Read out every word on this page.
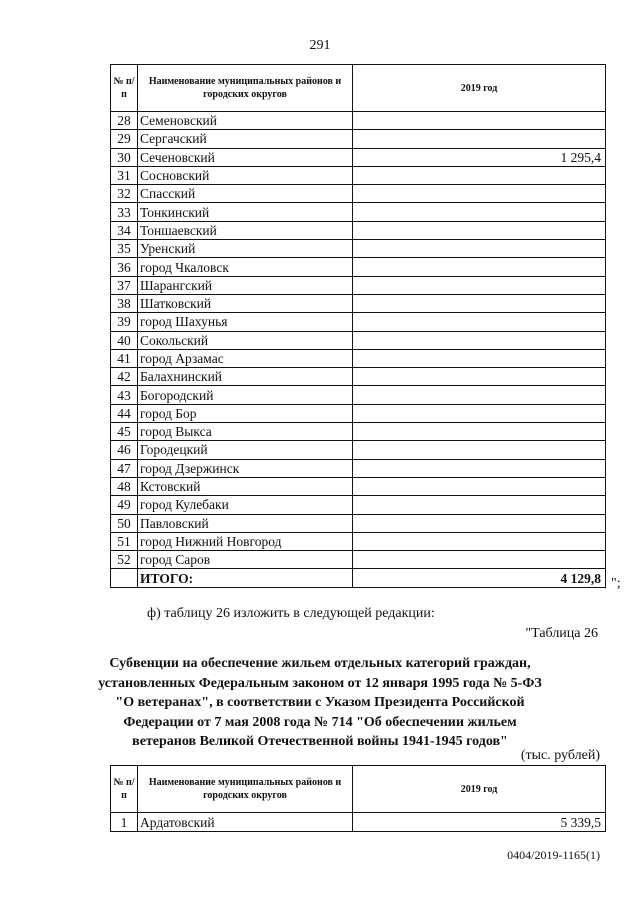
291
№ п/п	Наименование муниципальных районов и городских округов	2019 год
28	Семеновский	
29	Сергачский	
30	Сеченовский	1 295,4
31	Сосновский	
32	Спасский	
33	Тонкинский	
34	Тоншаевский	
35	Уренский	
36	город Чкаловск	
37	Шарангский	
38	Шатковский	
39	город Шахунья	
40	Сокольский	
41	город Арзамас	
42	Балахнинский	
43	Богородский	
44	город Бор	
45	город Выкса	
46	Городецкий	
47	город Дзержинск	
48	Кстовский	
49	город Кулебаки	
50	Павловский	
51	город Нижний Новгород	
52	город Саров	
	ИТОГО:	4 129,8 ";
ф) таблицу 26 изложить в следующей редакции:
"Таблица 26
Субвенции на обеспечение жильем отдельных категорий граждан,
установленных Федеральным законом от 12 января 1995 года № 5-ФЗ
"О ветеранах", в соответствии с Указом Президента Российской
Федерации от 7 мая 2008 года № 714 "Об обеспечении жильем
ветеранов Великой Отечественной войны 1941-1945 годов"
(тыс. рублей)
№ п/п	Наименование муниципальных районов и городских округов	2019 год
1	Ардатовский	5 339,5
0404/2019-1165(1)
